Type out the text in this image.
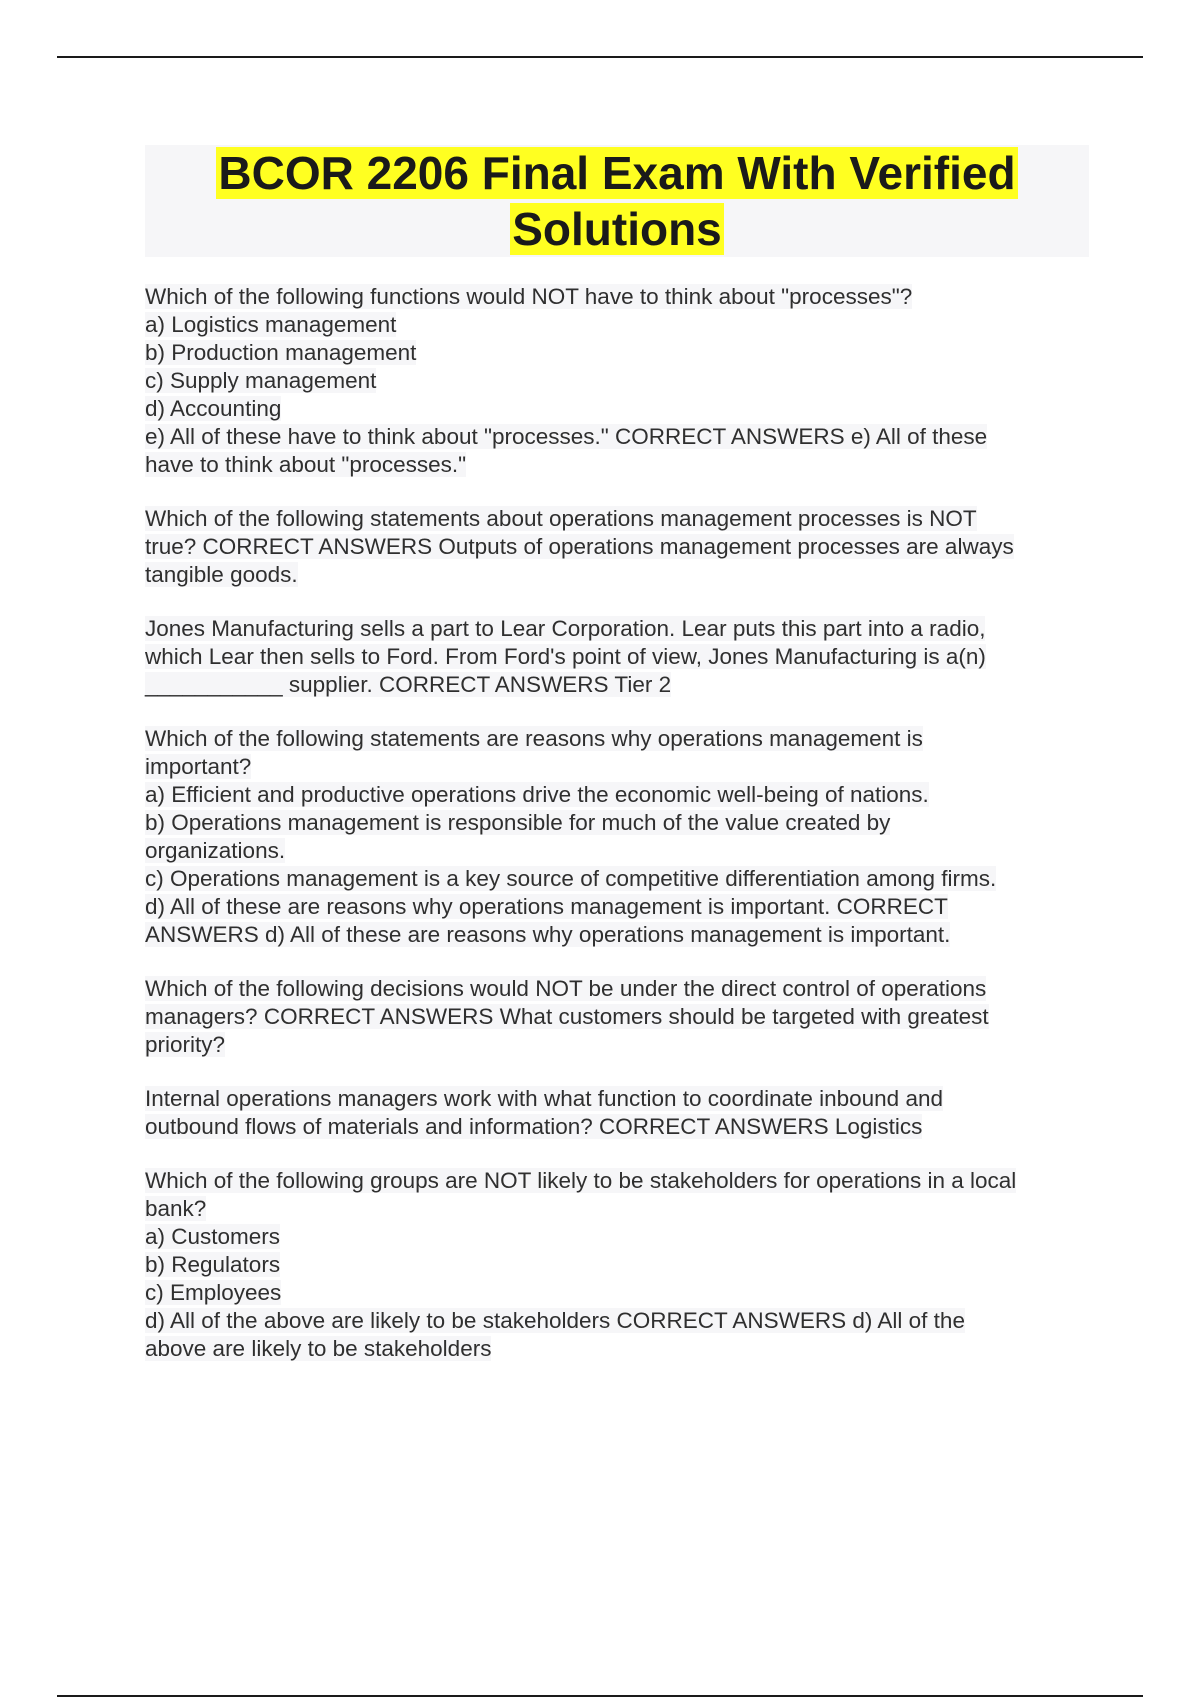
BCOR 2206 Final Exam With Verified
Solutions
Which of the following functions would NOT have to think about "processes"?
a) Logistics management
b) Production management
c) Supply management
d) Accounting
e) All of these have to think about "processes." CORRECT ANSWERS e) All of these
have to think about "processes."
Which of the following statements about operations management processes is NOT
true? CORRECT ANSWERS Outputs of operations management processes are always
tangible goods.
Jones Manufacturing sells a part to Lear Corporation. Lear puts this part into a radio,
which Lear then sells to Ford. From Ford's point of view, Jones Manufacturing is a(n)
___________ supplier. CORRECT ANSWERS Tier 2
Which of the following statements are reasons why operations management is
important?
a) Efficient and productive operations drive the economic well-being of nations.
b) Operations management is responsible for much of the value created by
organizations.
c) Operations management is a key source of competitive differentiation among firms.
d) All of these are reasons why operations management is important. CORRECT
ANSWERS d) All of these are reasons why operations management is important.
Which of the following decisions would NOT be under the direct control of operations
managers? CORRECT ANSWERS What customers should be targeted with greatest
priority?
Internal operations managers work with what function to coordinate inbound and
outbound flows of materials and information? CORRECT ANSWERS Logistics
Which of the following groups are NOT likely to be stakeholders for operations in a local
bank?
a) Customers
b) Regulators
c) Employees
d) All of the above are likely to be stakeholders CORRECT ANSWERS d) All of the
above are likely to be stakeholders
